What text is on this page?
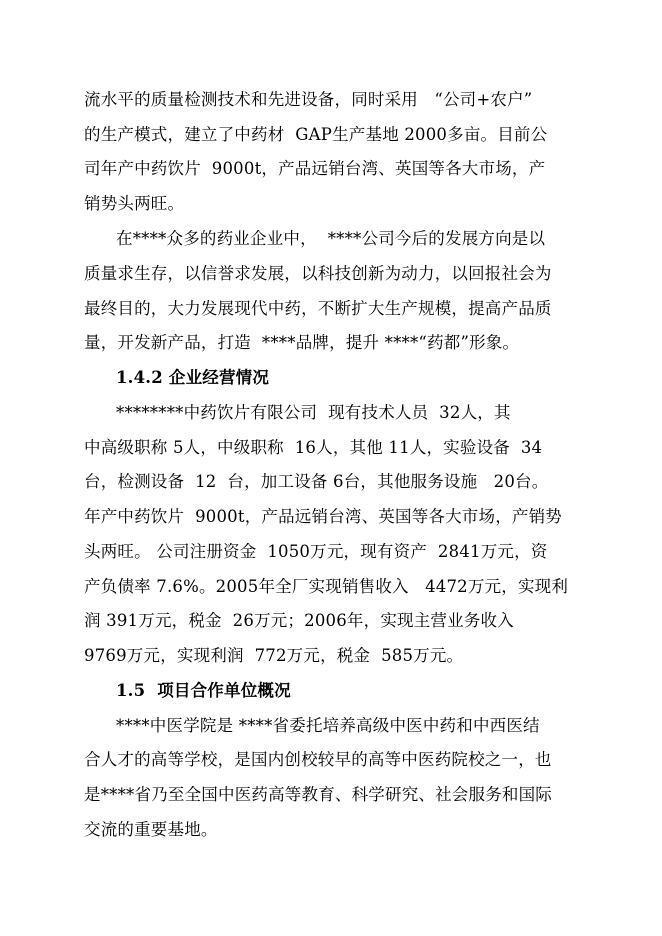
流水平的质量检测技术和先进设备，同时采用   “公司+农户”
的生产模式，建立了中药材  GAP生产基地 2000多亩。目前公
司年产中药饮片  9000t，产品远销台湾、英国等各大市场，产
销势头两旺。
在****众多的药业企业中，  ****公司今后的发展方向是以
质量求生存，以信誉求发展，以科技创新为动力，以回报社会为
最终目的，大力发展现代中药，不断扩大生产规模，提高产品质
量，开发新产品，打造  ****品牌，提升 ****“药都”形象。
1.4.2 企业经营情况
********中药饮片有限公司  现有技术人员  32人，其
中高级职称 5人，中级职称  16人，其他 11人，实验设备  34
台，检测设备  12  台，加工设备 6台，其他服务设施   20台。
年产中药饮片  9000t，产品远销台湾、英国等各大市场，产销势
头两旺。 公司注册资金  1050万元，现有资产  2841万元，资
产负债率 7.6%。2005年全厂实现销售收入   4472万元，实现利
润 391万元，税金  26万元；2006年，实现主营业务收入
9769万元，实现利润  772万元，税金  585万元。
1.5  项目合作单位概况
****中医学院是 ****省委托培养高级中医中药和中西医结
合人才的高等学校，是国内创校较早的高等中医药院校之一，也
是****省乃至全国中医药高等教育、科学研究、社会服务和国际
交流的重要基地。
